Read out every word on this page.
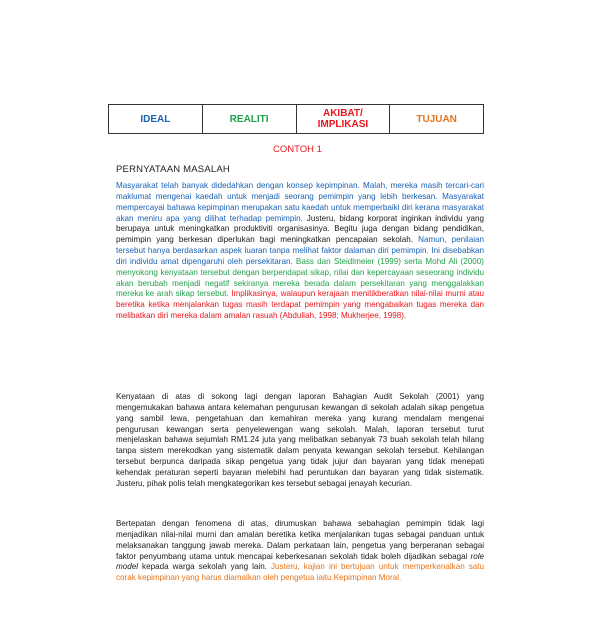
IDEAL	REALITI	AKIBAT/ IMPLIKASI	TUJUAN
CONTOH 1
PERNYATAAN MASALAH

Masyarakat telah banyak didedahkan dengan konsep kepimpinan. Malah, mereka masih tercari-cari maklumat mengenai kaedah untuk menjadi seorang pemimpin yang lebih berkesan. Masyarakat mempercayai bahawa kepimpinan merupakan satu kaedah untuk memperbaiki diri kerana masyarakat akan meniru apa yang dilihat terhadap pemimpin. Justeru, bidang korporat inginkan individu yang berupaya untuk meningkatkan produktiviti organisasinya. Begitu juga dengan bidang pendidikan, pemimpin yang berkesan diperlukan bagi meningkatkan pencapaian sekolah. Namun, penilaian tersebut hanya berdasarkan aspek luaran tanpa melihat faktor dalaman diri pemimpin. Ini disebabkan diri individu amat dipengaruhi oleh persekitaran. Bass dan Steidlmeier (1999) serta Mohd Ali (2000) menyokong kenyataan tersebut dengan berpendapat sikap, nilai dan kepercayaan seseorang individu akan berubah menjadi negatif sekiranya mereka berada dalam persekitaran yang menggalakkan mereka ke arah sikap tersebut. Implikasinya, walaupun kerajaan menitikberatkan nilai-nilai murni atau beretika ketika menjalankan tugas masih terdapat pemimpin yang mengabaikan tugas mereka dan melibatkan diri mereka dalam amalan rasuah (Abdullah, 1998; Mukherjee, 1998).

Kenyataan di atas di sokong lagi dengan laporan Bahagian Audit Sekolah (2001) yang mengemukakan bahawa antara kelemahan pengurusan kewangan di sekolah adalah sikap pengetua yang sambil lewa, pengetahuan dan kemahiran mereka yang kurang mendalam mengenai pengurusan kewangan serta penyelewengan wang sekolah. Malah, laporan tersebut turut menjelaskan bahawa sejumlah RM1.24 juta yang melibatkan sebanyak 73 buah sekolah telah hilang tanpa sistem merekodkan yang sistematik dalam penyata kewangan sekolah tersebut. Kehilangan tersebut berpunca daripada sikap pengetua yang tidak jujur dan bayaran yang tidak menepati kehendak peraturan seperti bayaran melebihi had peruntukan dan bayaran yang tidak sistematik. Justeru, pihak polis telah mengkategorikan kes tersebut sebagai jenayah kecurian.

Bertepatan dengan fenomena di atas, dirumuskan bahawa sebahagian pemimpin tidak lagi menjadikan nilai-nilai murni dan amalan beretika ketika menjalankan tugas sebagai panduan untuk melaksanakan tanggung jawab mereka. Dalam perkataan lain, pengetua yang berperanan sebagai faktor penyumbang utama untuk mencapai keberkesanan sekolah tidak boleh dijadikan sebagai role model kepada warga sekolah yang lain. Justeru, kajian ini bertujuan untuk memperkenalkan satu corak kepimpinan yang harus diamalkan oleh pengetua iaitu Kepimpinan Moral.
